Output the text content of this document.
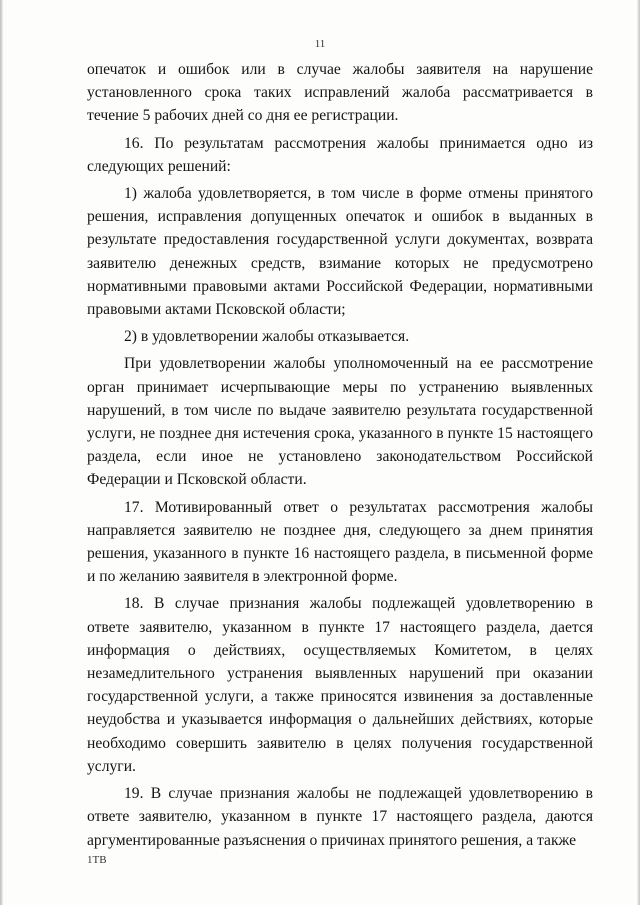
11

опечаток и ошибок или в случае жалобы заявителя на нарушение установленного срока таких исправлений жалоба рассматривается в течение 5 рабочих дней со дня ее регистрации.

16. По результатам рассмотрения жалобы принимается одно из следующих решений:

1) жалоба удовлетворяется, в том числе в форме отмены принятого решения, исправления допущенных опечаток и ошибок в выданных в результате предоставления государственной услуги документах, возврата заявителю денежных средств, взимание которых не предусмотрено нормативными правовыми актами Российской Федерации, нормативными правовыми актами Псковской области;

2) в удовлетворении жалобы отказывается.

При удовлетворении жалобы уполномоченный на ее рассмотрение орган принимает исчерпывающие меры по устранению выявленных нарушений, в том числе по выдаче заявителю результата государственной услуги, не позднее дня истечения срока, указанного в пункте 15 настоящего раздела, если иное не установлено законодательством Российской Федерации и Псковской области.

17. Мотивированный ответ о результатах рассмотрения жалобы направляется заявителю не позднее дня, следующего за днем принятия решения, указанного в пункте 16 настоящего раздела, в письменной форме и по желанию заявителя в электронной форме.

18. В случае признания жалобы подлежащей удовлетворению в ответе заявителю, указанном в пункте 17 настоящего раздела, дается информация о действиях, осуществляемых Комитетом, в целях незамедлительного устранения выявленных нарушений при оказании государственной услуги, а также приносятся извинения за доставленные неудобства и указывается информация о дальнейших действиях, которые необходимо совершить заявителю в целях получения государственной услуги.

19. В случае признания жалобы не подлежащей удовлетворению в ответе заявителю, указанном в пункте 17 настоящего раздела, даются аргументированные разъяснения о причинах принятого решения, а также

1ТВ
